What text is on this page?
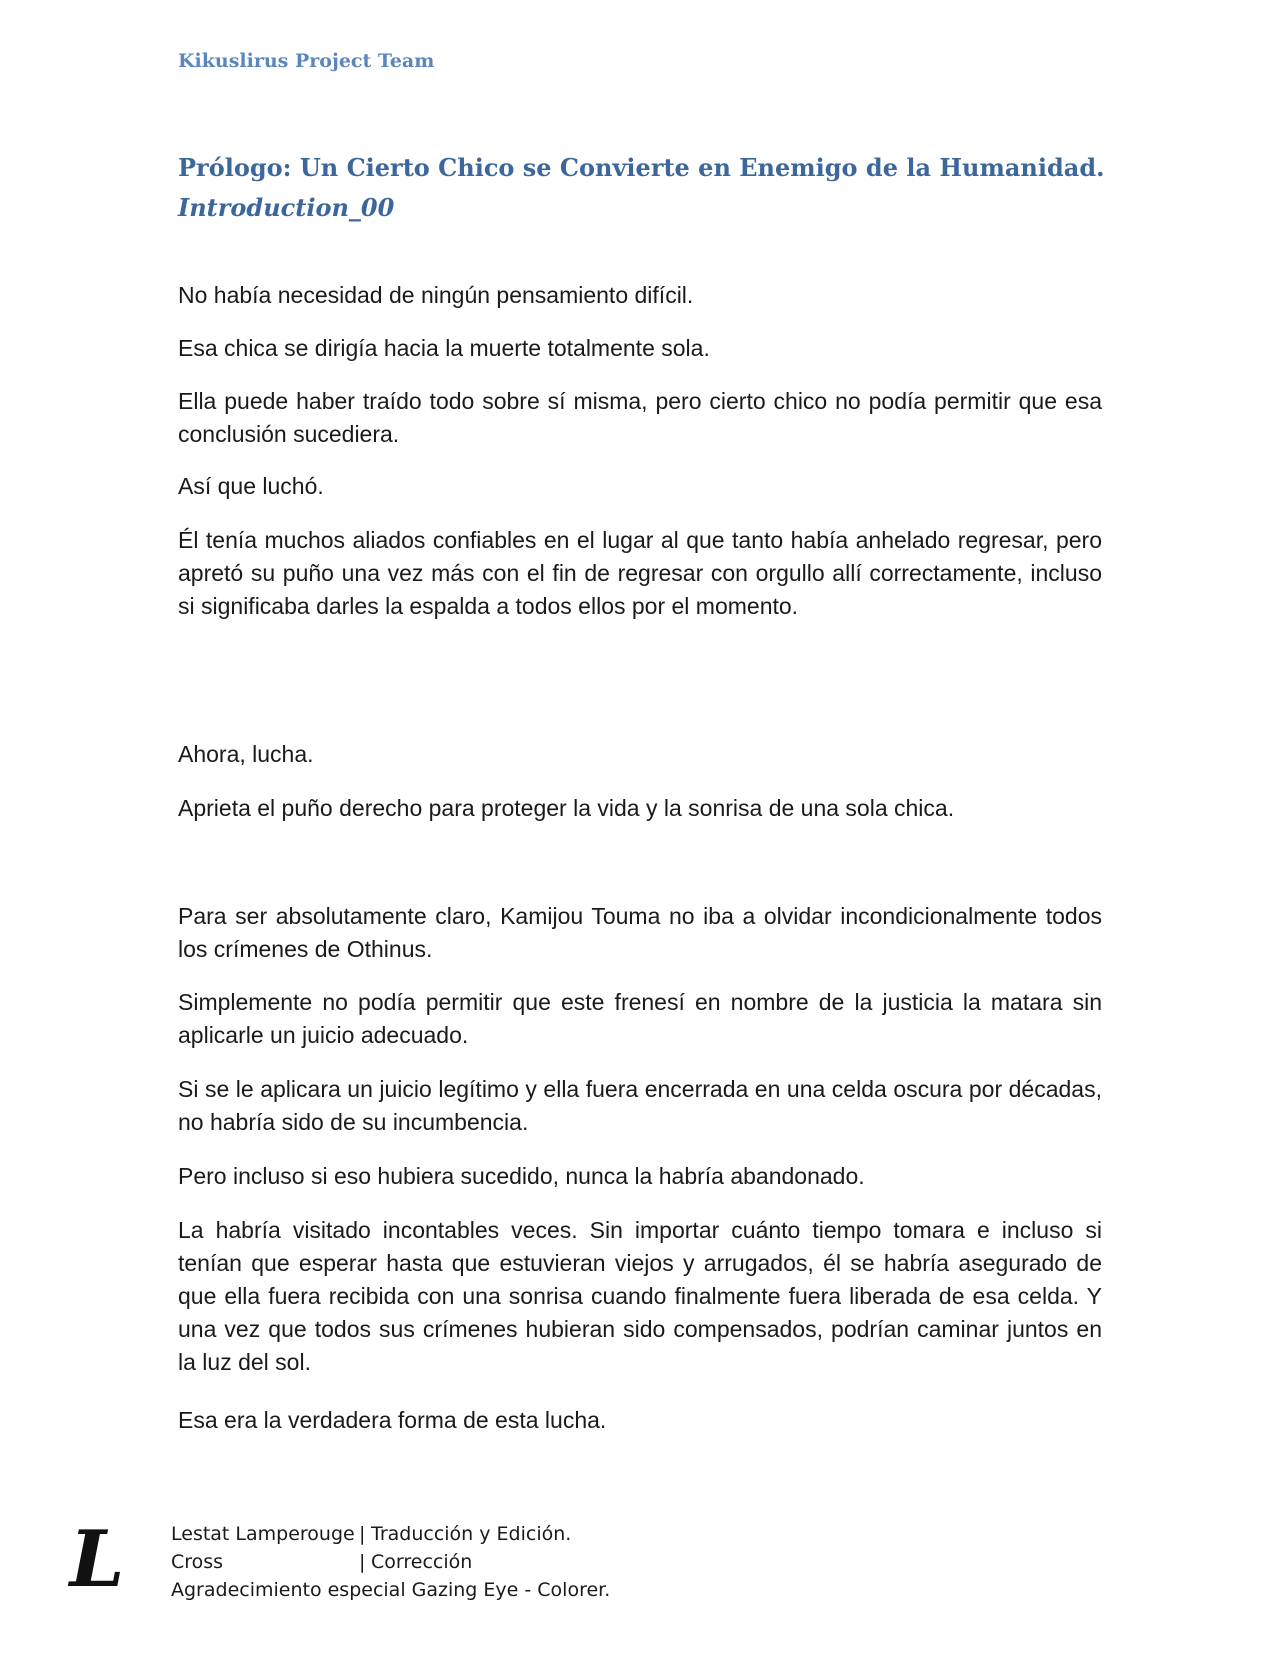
Kikuslirus Project Team
Prólogo: Un Cierto Chico se Convierte en Enemigo de la Humanidad.
Introduction_00

No había necesidad de ningún pensamiento difícil.

Esa chica se dirigía hacia la muerte totalmente sola.

Ella puede haber traído todo sobre sí misma, pero cierto chico no podía permitir que esa conclusión sucediera.

Así que luchó.

Él tenía muchos aliados confiables en el lugar al que tanto había anhelado regresar, pero apretó su puño una vez más con el fin de regresar con orgullo allí correctamente, incluso si significaba darles la espalda a todos ellos por el momento.

Ahora, lucha.

Aprieta el puño derecho para proteger la vida y la sonrisa de una sola chica.

Para ser absolutamente claro, Kamijou Touma no iba a olvidar incondicionalmente todos los crímenes de Othinus.

Simplemente no podía permitir que este frenesí en nombre de la justicia la matara sin aplicarle un juicio adecuado.

Si se le aplicara un juicio legítimo y ella fuera encerrada en una celda oscura por décadas, no habría sido de su incumbencia.

Pero incluso si eso hubiera sucedido, nunca la habría abandonado.

La habría visitado incontables veces. Sin importar cuánto tiempo tomara e incluso si tenían que esperar hasta que estuvieran viejos y arrugados, él se habría asegurado de que ella fuera recibida con una sonrisa cuando finalmente fuera liberada de esa celda. Y una vez que todos sus crímenes hubieran sido compensados, podrían caminar juntos en la luz del sol.

Esa era la verdadera forma de esta lucha.

L Lestat Lamperouge | Traducción y Edición.
Cross	| Corrección
Agradecimiento especial Gazing Eye - Colorer.
